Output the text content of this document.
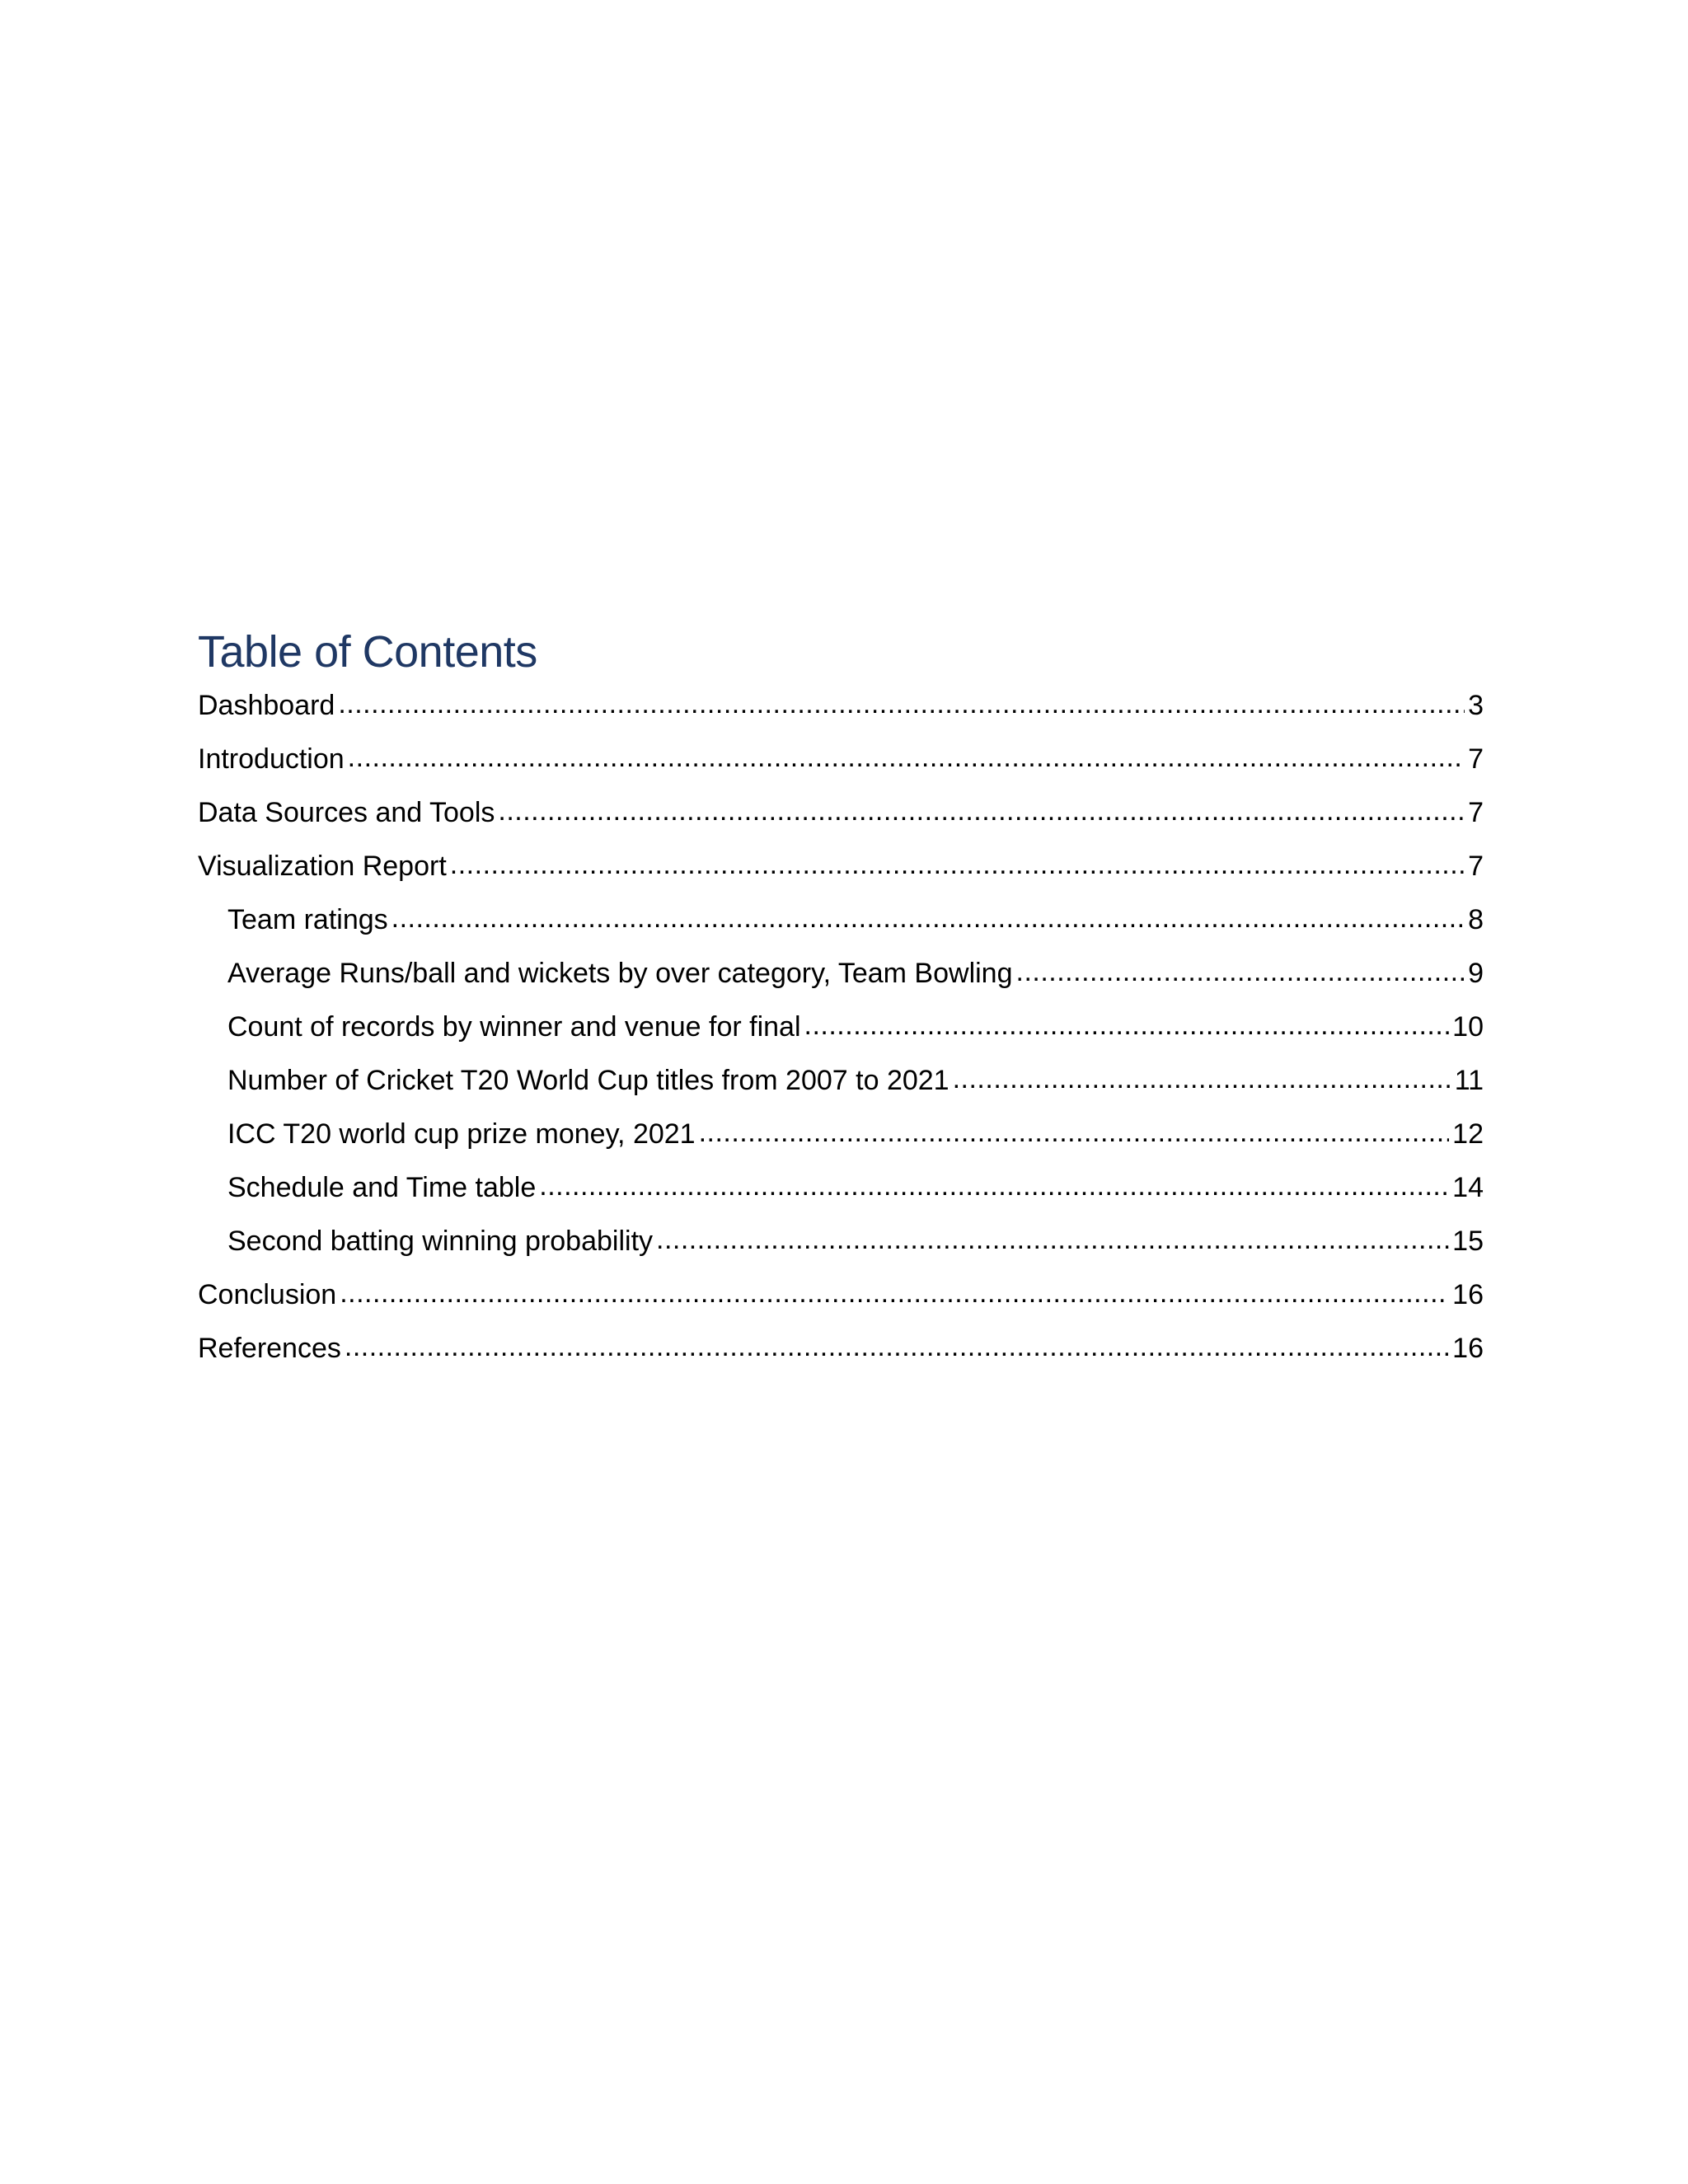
Table of Contents
Dashboard .....	3
Introduction .....	7
Data Sources and Tools .....	7
Visualization Report .....	7
Team ratings .....	8
Average Runs/ball and wickets by over category, Team Bowling .....	9
Count of records by winner and venue for final .....	10
Number of Cricket T20 World Cup titles from 2007 to 2021 .....	11
ICC T20 world cup prize money, 2021 .....	12
Schedule and Time table .....	14
Second batting winning probability .....	15
Conclusion .....	16
References .....	16
